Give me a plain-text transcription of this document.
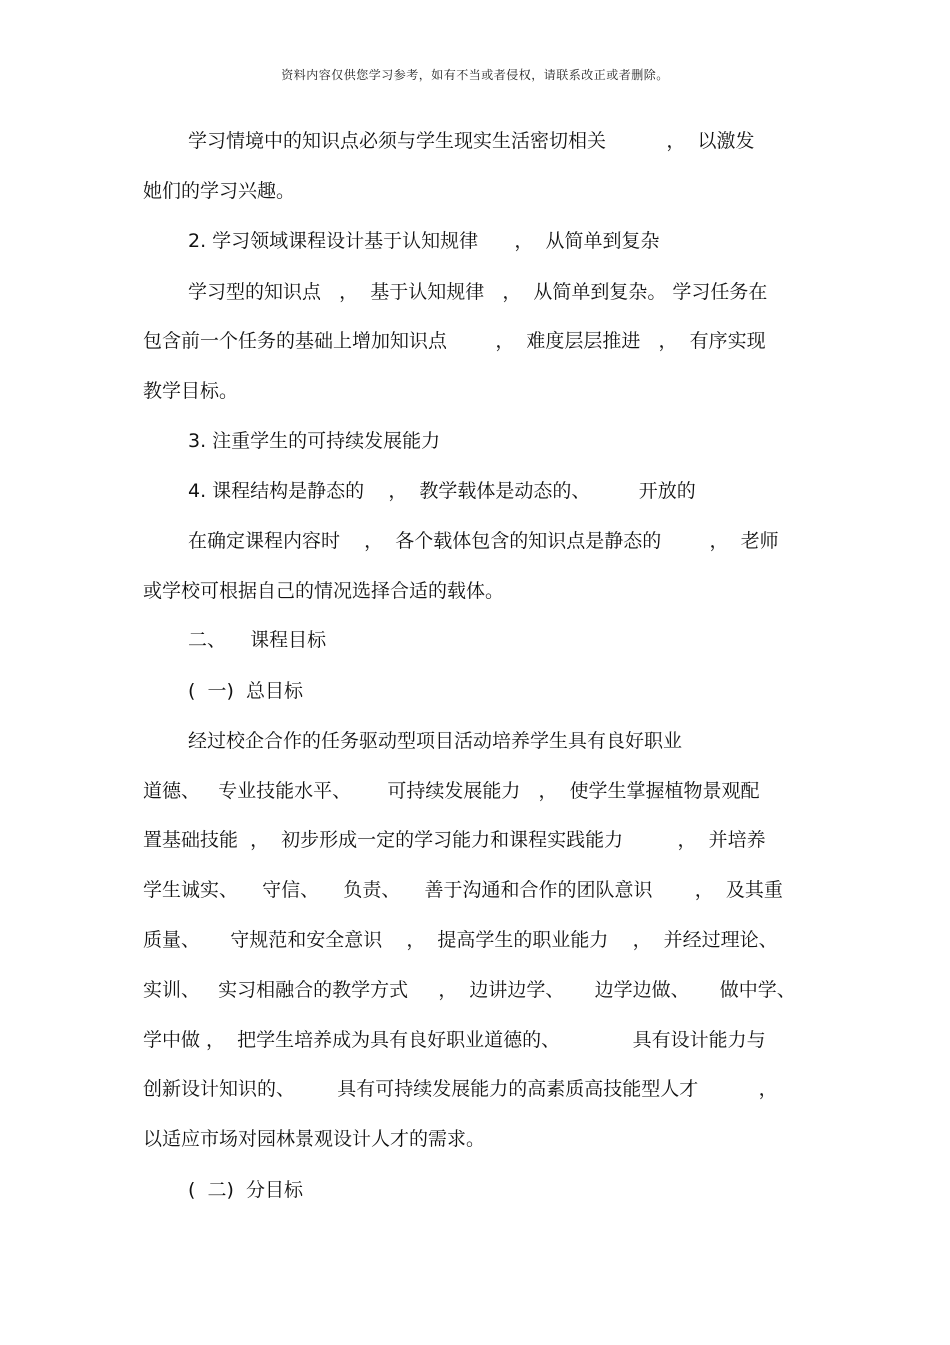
资料内容仅供您学习参考，如有不当或者侵权，请联系改正或者删除。
学习情境中的知识点必须与学生现实生活密切相关          ，  以激发
她们的学习兴趣。
2. 学习领域课程设计基于认知规律      ，  从简单到复杂
学习型的知识点   ，  基于认知规律   ，  从简单到复杂。 学习任务在
包含前一个任务的基础上增加知识点        ，  难度层层推进   ，  有序实现
教学目标。
3. 注重学生的可持续发展能力
4. 课程结构是静态的    ，  教学载体是动态的、        开放的
在确定课程内容时    ，  各个载体包含的知识点是静态的        ，  老师
或学校可根据自己的情况选择合适的载体。
二、    课程目标
(  一)  总目标
经过校企合作的任务驱动型项目活动培养学生具有良好职业
道德、   专业技能水平、      可持续发展能力   ，  使学生掌握植物景观配
置基础技能  ，  初步形成一定的学习能力和课程实践能力         ，  并培养
学生诚实、    守信、    负责、    善于沟通和合作的团队意识       ，  及其重
质量、     守规范和安全意识    ，  提高学生的职业能力    ，  并经过理论、
实训、   实习相融合的教学方式     ，  边讲边学、     边学边做、     做中学、
学中做 ，  把学生培养成为具有良好职业道德的、            具有设计能力与
创新设计知识的、       具有可持续发展能力的高素质高技能型人才          ，
以适应市场对园林景观设计人才的需求。
(  二)  分目标
